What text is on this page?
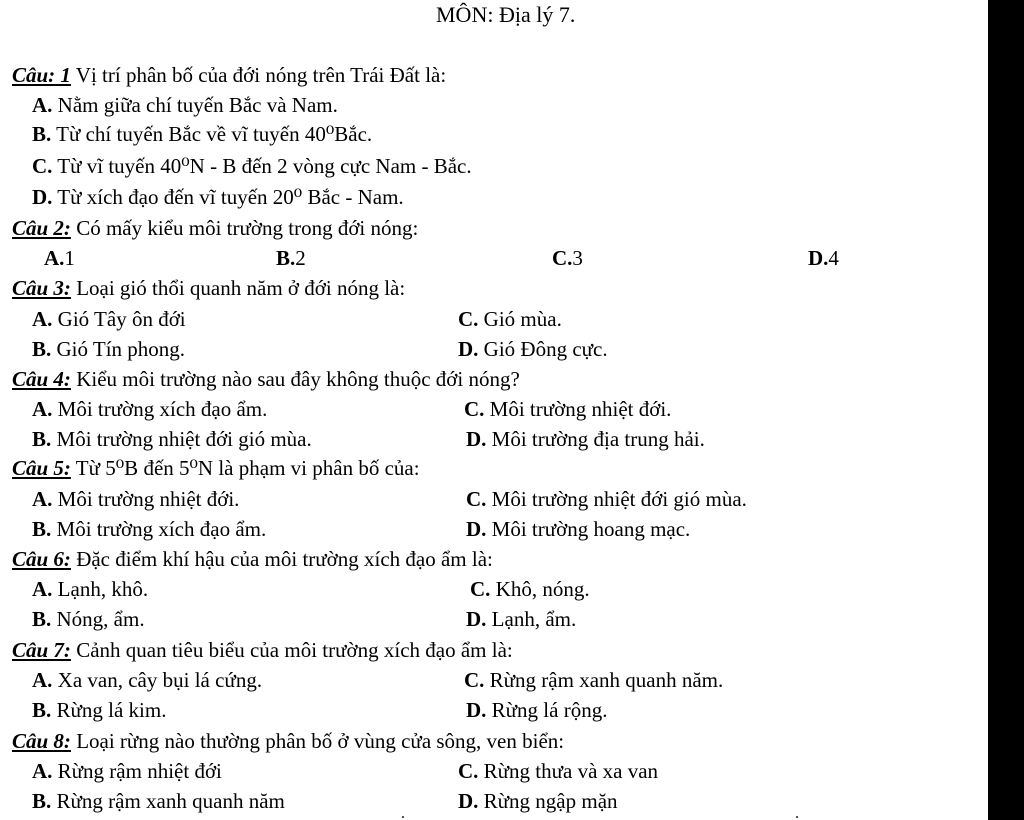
MÔN: Địa lý 7.
Câu: 1 Vị trí phân bố của đới nóng trên Trái Đất là:
A. Nằm giữa chí tuyến Bắc và Nam.
B. Từ chí tuyến Bắc về vĩ tuyến 40⁰Bắc.
C. Từ vĩ tuyến 40⁰N - B đến 2 vòng cực Nam - Bắc.
D. Từ xích đạo đến vĩ tuyến 20⁰ Bắc - Nam.
Câu 2: Có mấy kiểu môi trường trong đới nóng:
A.1	B.2	C.3	D.4
Câu 3: Loại gió thổi quanh năm ở đới nóng là:
A. Gió Tây ôn đới	C. Gió mùa.
B. Gió Tín phong.	D. Gió Đông cực.
Câu 4: Kiểu môi trường nào sau đây không thuộc đới nóng?
A. Môi trường xích đạo ẩm.	C. Môi trường nhiệt đới.
B. Môi trường nhiệt đới gió mùa.	D. Môi trường địa trung hải.
Câu 5: Từ 5⁰B đến 5⁰N là phạm vi phân bố của:
A. Môi trường nhiệt đới.	C. Môi trường nhiệt đới gió mùa.
B. Môi trường xích đạo ẩm.	D. Môi trường hoang mạc.
Câu 6: Đặc điểm khí hậu của môi trường xích đạo ẩm là:
A. Lạnh, khô.	C. Khô, nóng.
B. Nóng, ẩm.	D. Lạnh, ẩm.
Câu 7: Cảnh quan tiêu biểu của môi trường xích đạo ẩm là:
A. Xa van, cây bụi lá cứng.	C. Rừng rậm xanh quanh năm.
B. Rừng lá kim.	D. Rừng lá rộng.
Câu 8: Loại rừng nào thường phân bố ở vùng cửa sông, ven biển:
A. Rừng rậm nhiệt đới	C. Rừng thưa và xa van
B. Rừng rậm xanh quanh năm	D. Rừng ngập mặn
